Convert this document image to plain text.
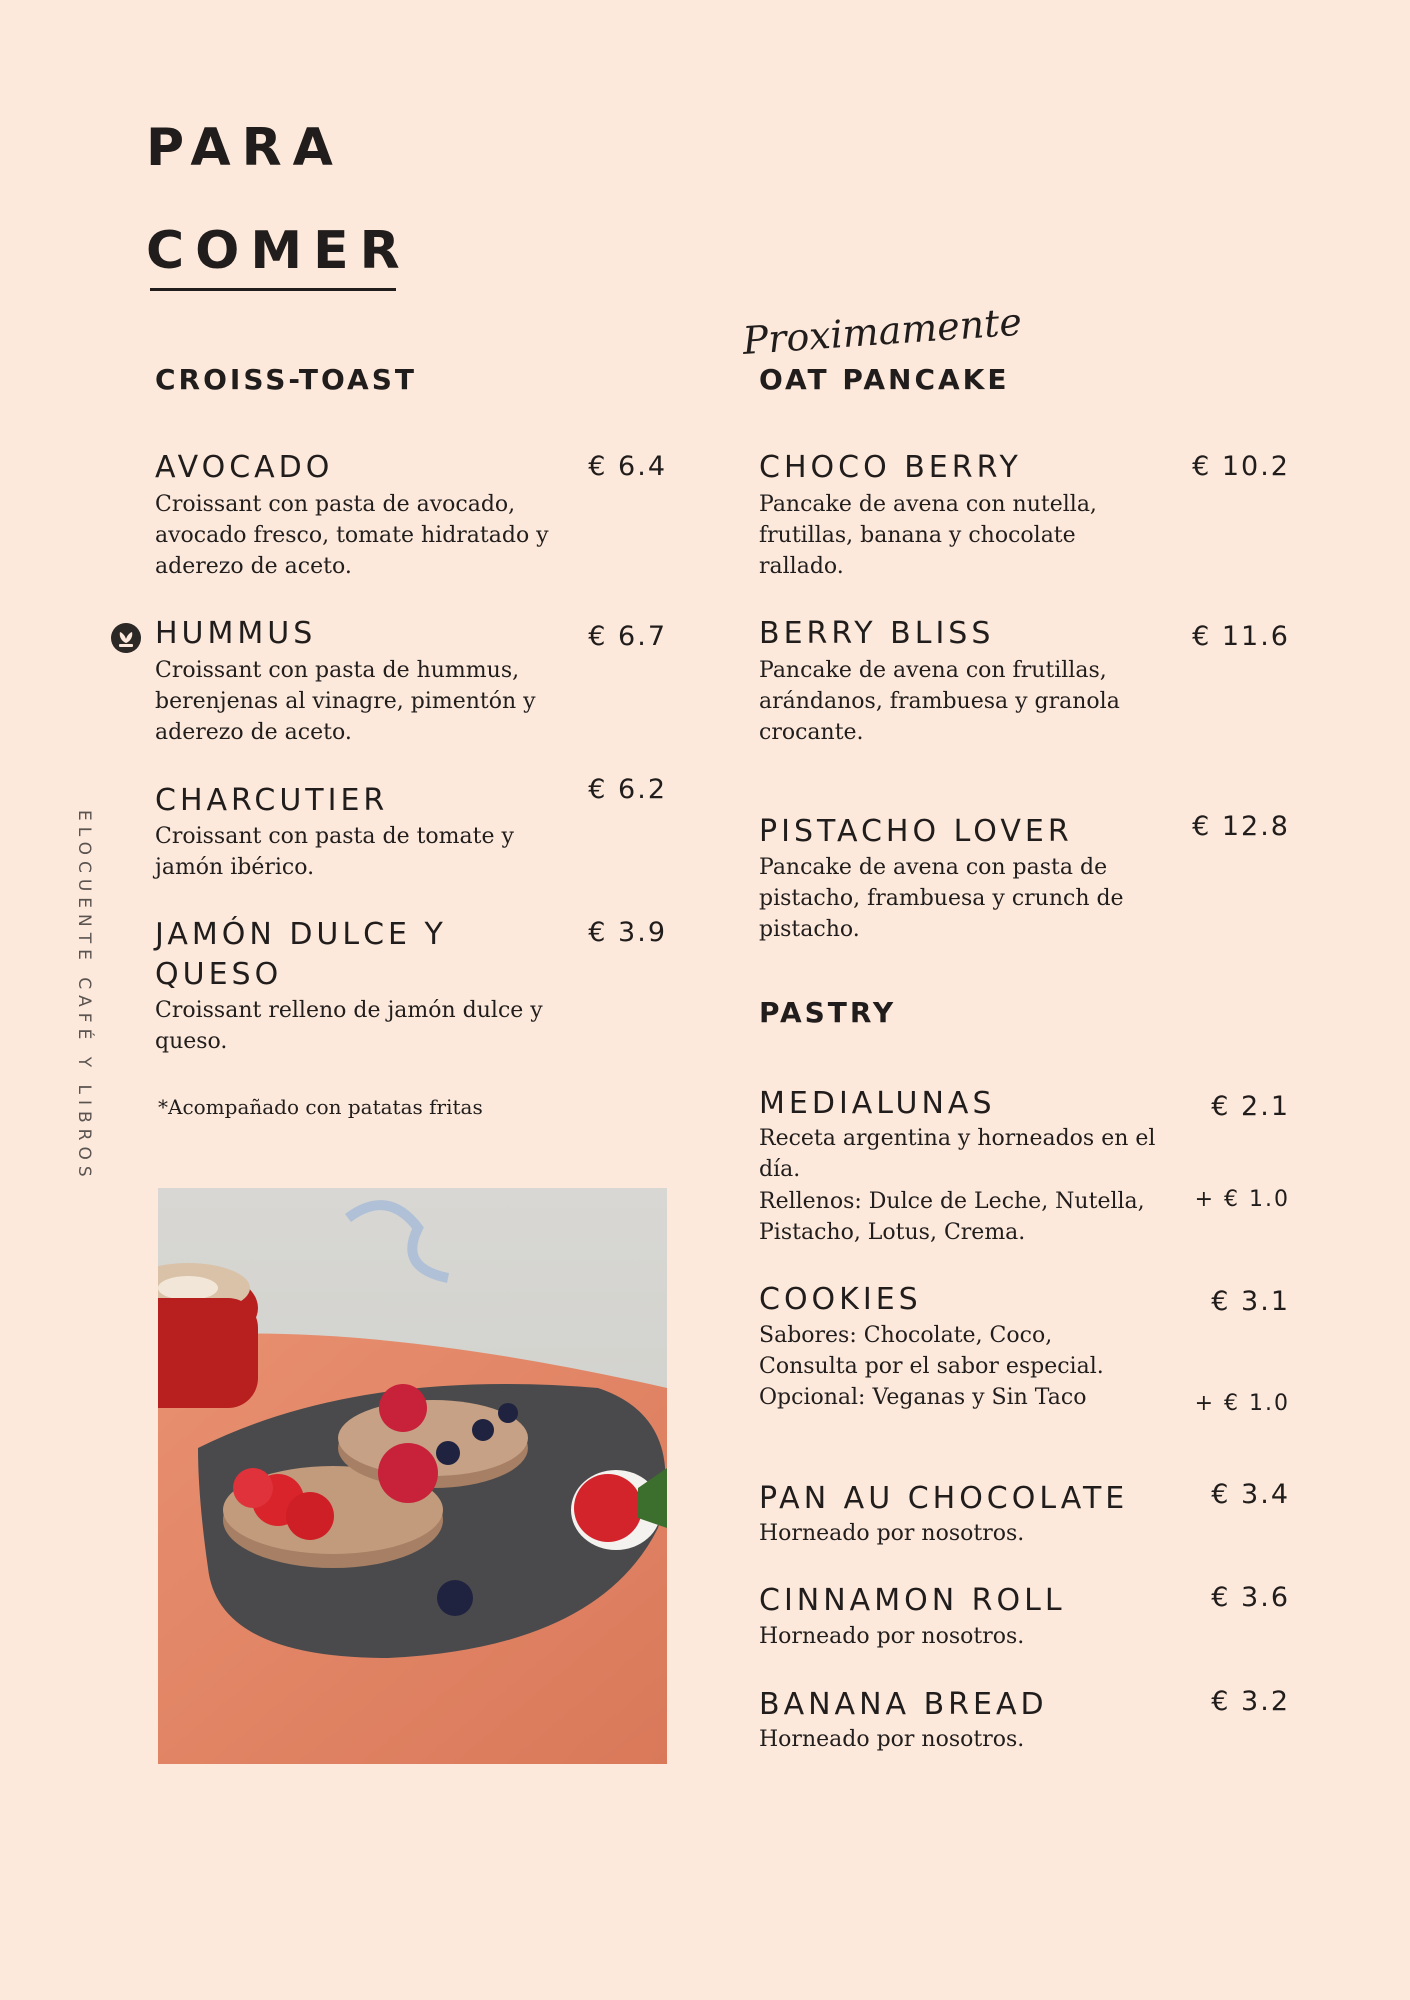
PARA
COMER
ELOCUENTE CAFÉ Y LIBROS
CROISS-TOAST
AVOCADO	€ 6.4
Croissant con pasta de avocado, avocado fresco, tomate hidratado y aderezo de aceto.
HUMMUS	€ 6.7
Croissant con pasta de hummus, berenjenas al vinagre, pimentón y aderezo de aceto.
CHARCUTIER	€ 6.2
Croissant con pasta de tomate y jamón ibérico.
JAMÓN DULCE Y QUESO
€ 3.9
Croissant relleno de jamón dulce y queso.
*Acompañado con patatas fritas
Proximamente
OAT PANCAKE
CHOCO BERRY	€ 10.2
Pancake de avena con nutella, frutillas, banana y chocolate rallado.
BERRY BLISS	€ 11.6
Pancake de avena con frutillas, arándanos, frambuesa y granola crocante.
PISTACHO LOVER	€ 12.8
Pancake de avena con pasta de pistacho, frambuesa y crunch de pistacho.
PASTRY
MEDIALUNAS	€ 2.1
Receta argentina y horneados en el día.
Rellenos: Dulce de Leche, Nutella, Pistacho, Lotus, Crema.
+ € 1.0
COOKIES	€ 3.1
Sabores: Chocolate, Coco, Consulta por el sabor especial. Opcional: Veganas y Sin Taco	+ € 1.0
PAN AU CHOCOLATE	€ 3.4
Horneado por nosotros.
CINNAMON ROLL	€ 3.6
Horneado por nosotros.
BANANA BREAD	€ 3.2
Horneado por nosotros.
